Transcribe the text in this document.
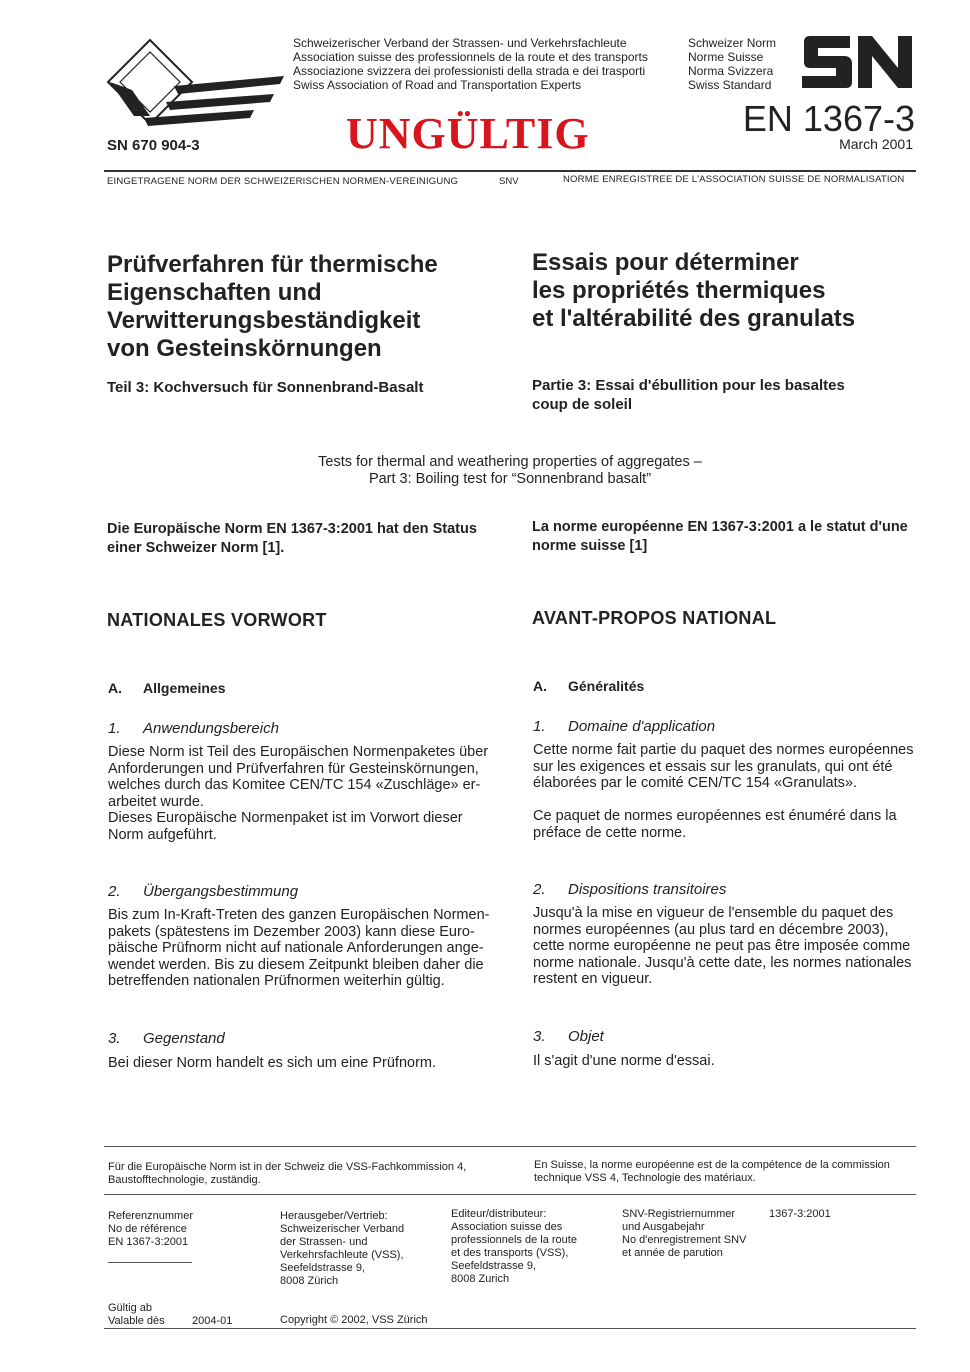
Schweizerischer Verband der Strassen- und Verkehrsfachleute
Association suisse des professionnels de la route et des transports
Associazione svizzera dei professionisti della strada e dei trasporti
Swiss Association of Road and Transportation Experts
Schweizer Norm
Norme Suisse
Norma Svizzera
Swiss Standard
SN 670 904-3	UNGÜLTIG	EN 1367-3
March 2001
EINGETRAGENE NORM DER SCHWEIZERISCHEN NORMEN-VEREINIGUNG	SNV	NORME ENREGISTREE DE L'ASSOCIATION SUISSE DE NORMALISATION
Prüfverfahren für thermische
Eigenschaften und
Verwitterungsbeständigkeit
von Gesteinskörnungen
Teil 3: Kochversuch für Sonnenbrand-Basalt
Essais pour déterminer
les propriétés thermiques
et l'altérabilité des granulats
Partie 3: Essai d'ébullition pour les basaltes
coup de soleil
Tests for thermal and weathering properties of aggregates –
Part 3: Boiling test for “Sonnenbrand basalt”
Die Europäische Norm EN 1367-3:2001 hat den Status
einer Schweizer Norm [1].
La norme européenne EN 1367-3:2001 a le statut d'une
norme suisse [1]
NATIONALES VORWORT	AVANT-PROPOS NATIONAL
A. Allgemeines	A. Généralités
1. Anwendungsbereich	1. Domaine d'application
Diese Norm ist Teil des Europäischen Normenpaketes über
Anforderungen und Prüfverfahren für Gesteinskörnungen,
welches durch das Komitee CEN/TC 154 «Zuschläge» er-
arbeitet wurde.
Dieses Europäische Normenpaket ist im Vorwort dieser
Norm aufgeführt.
Cette norme fait partie du paquet des normes européennes
sur les exigences et essais sur les granulats, qui ont été
élaborées par le comité CEN/TC 154 «Granulats».
Ce paquet de normes européennes est énuméré dans la
préface de cette norme.
2. Übergangsbestimmung	2. Dispositions transitoires
Bis zum In-Kraft-Treten des ganzen Europäischen Normen-
pakets (spätestens im Dezember 2003) kann diese Euro-
päische Prüfnorm nicht auf nationale Anforderungen ange-
wendet werden. Bis zu diesem Zeitpunkt bleiben daher die
betreffenden nationalen Prüfnormen weiterhin gültig.
Jusqu'à la mise en vigueur de l'ensemble du paquet des
normes européennes (au plus tard en décembre 2003),
cette norme européenne ne peut pas être imposée comme
norme nationale. Jusqu'à cette date, les normes nationales
restent en vigueur.
3. Gegenstand	3. Objet
Bei dieser Norm handelt es sich um eine Prüfnorm.	Il s'agit d'une norme d'essai.
Für die Europäische Norm ist in der Schweiz die VSS-Fachkommission 4,
Baustofftechnologie, zuständig.
En Suisse, la norme européenne est de la compétence de la commission
technique VSS 4, Technologie des matériaux.
Referenznummer
No de référence
EN 1367-3:2001
Herausgeber/Vertrieb:
Schweizerischer Verband
der Strassen- und
Verkehrsfachleute (VSS),
Seefeldstrasse 9,
8008 Zürich
Editeur/distributeur:
Association suisse des
professionnels de la route
et des transports (VSS),
Seefeldstrasse 9,
8008 Zurich
SNV-Registriernummer
und Ausgabejahr
No d'enregistrement SNV
et année de parution
1367-3:2001
Gültig ab
Valable dès 2004-01	Copyright © 2002, VSS Zürich
